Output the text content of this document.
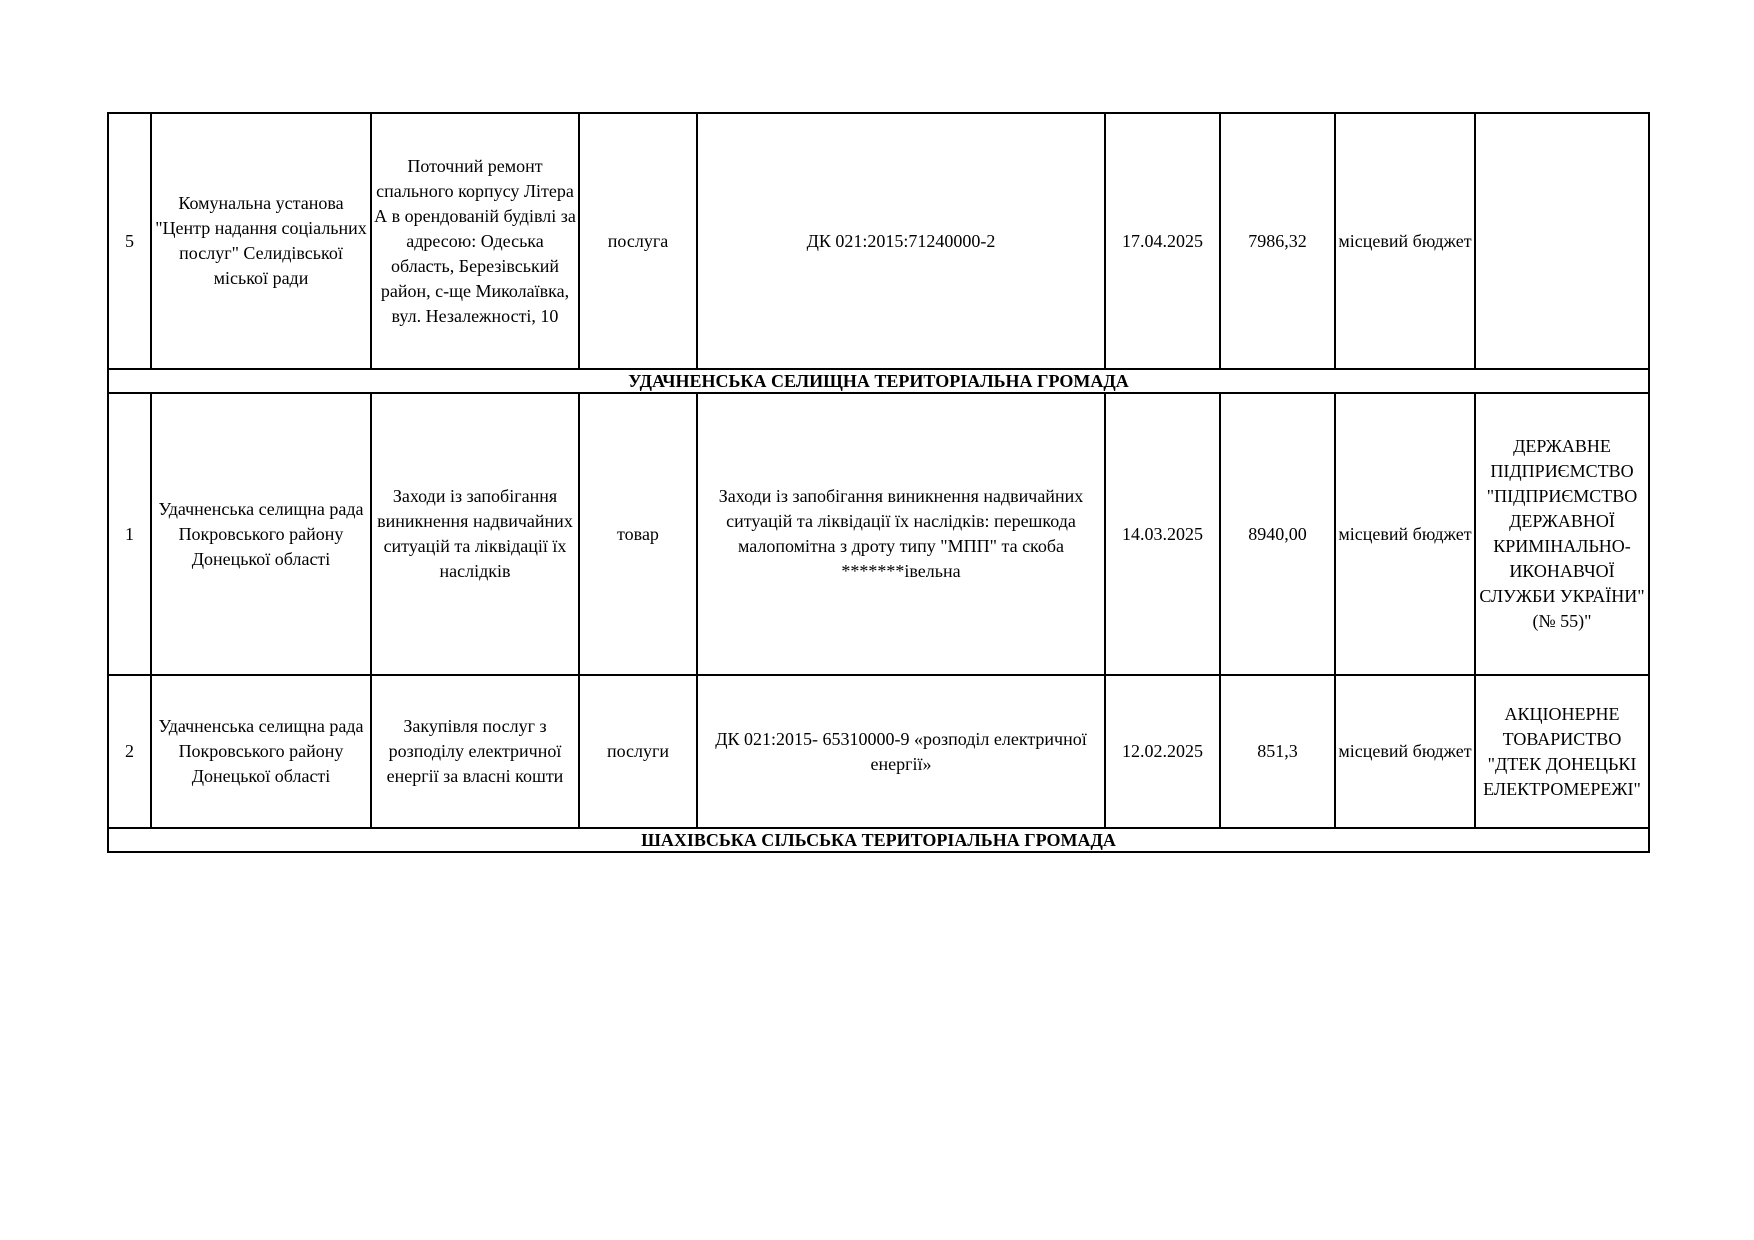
5	Комунальна установа "Центр надання соціальних послуг" Селидівської міської ради	Поточний ремонт спального корпусу Літера А в орендованій будівлі за адресою: Одеська область, Березівський район, с-ще Миколаївка, вул. Незалежності, 10	послуга	ДК 021:2015:71240000-2	17.04.2025	7986,32	місцевий бюджет	
УДАЧНЕНСЬКА СЕЛИЩНА ТЕРИТОРІАЛЬНА ГРОМАДА								
1	Удачненська селищна рада Покровського району Донецької області	Заходи із запобігання виникнення надвичайних ситуацій та ліквідації їх наслідків	товар	Заходи із запобігання виникнення надвичайних ситуацій та ліквідації їх наслідків: перешкода малопомітна з дроту типу "МПП" та скоба *******івельна	14.03.2025	8940,00	місцевий бюджет	ДЕРЖАВНЕ ПІДПРИЄМСТВО "ПІДПРИЄМСТВО ДЕРЖАВНОЇ КРИМІНАЛЬНО-ИКОНАВЧОЇ СЛУЖБИ УКРАЇНИ" (№ 55)"
2	Удачненська селищна рада Покровського району Донецької області	Закупівля послуг з розподілу електричної енергії за власні кошти	послуги	ДК 021:2015- 65310000-9 «розподіл електричної енергії»	12.02.2025	851,3	місцевий бюджет	АКЦІОНЕРНЕ ТОВАРИСТВО "ДТЕК ДОНЕЦЬКІ ЕЛЕКТРОМЕРЕЖІ"
ШАХІВСЬКА СІЛЬСЬКА ТЕРИТОРІАЛЬНА ГРОМАДА								
